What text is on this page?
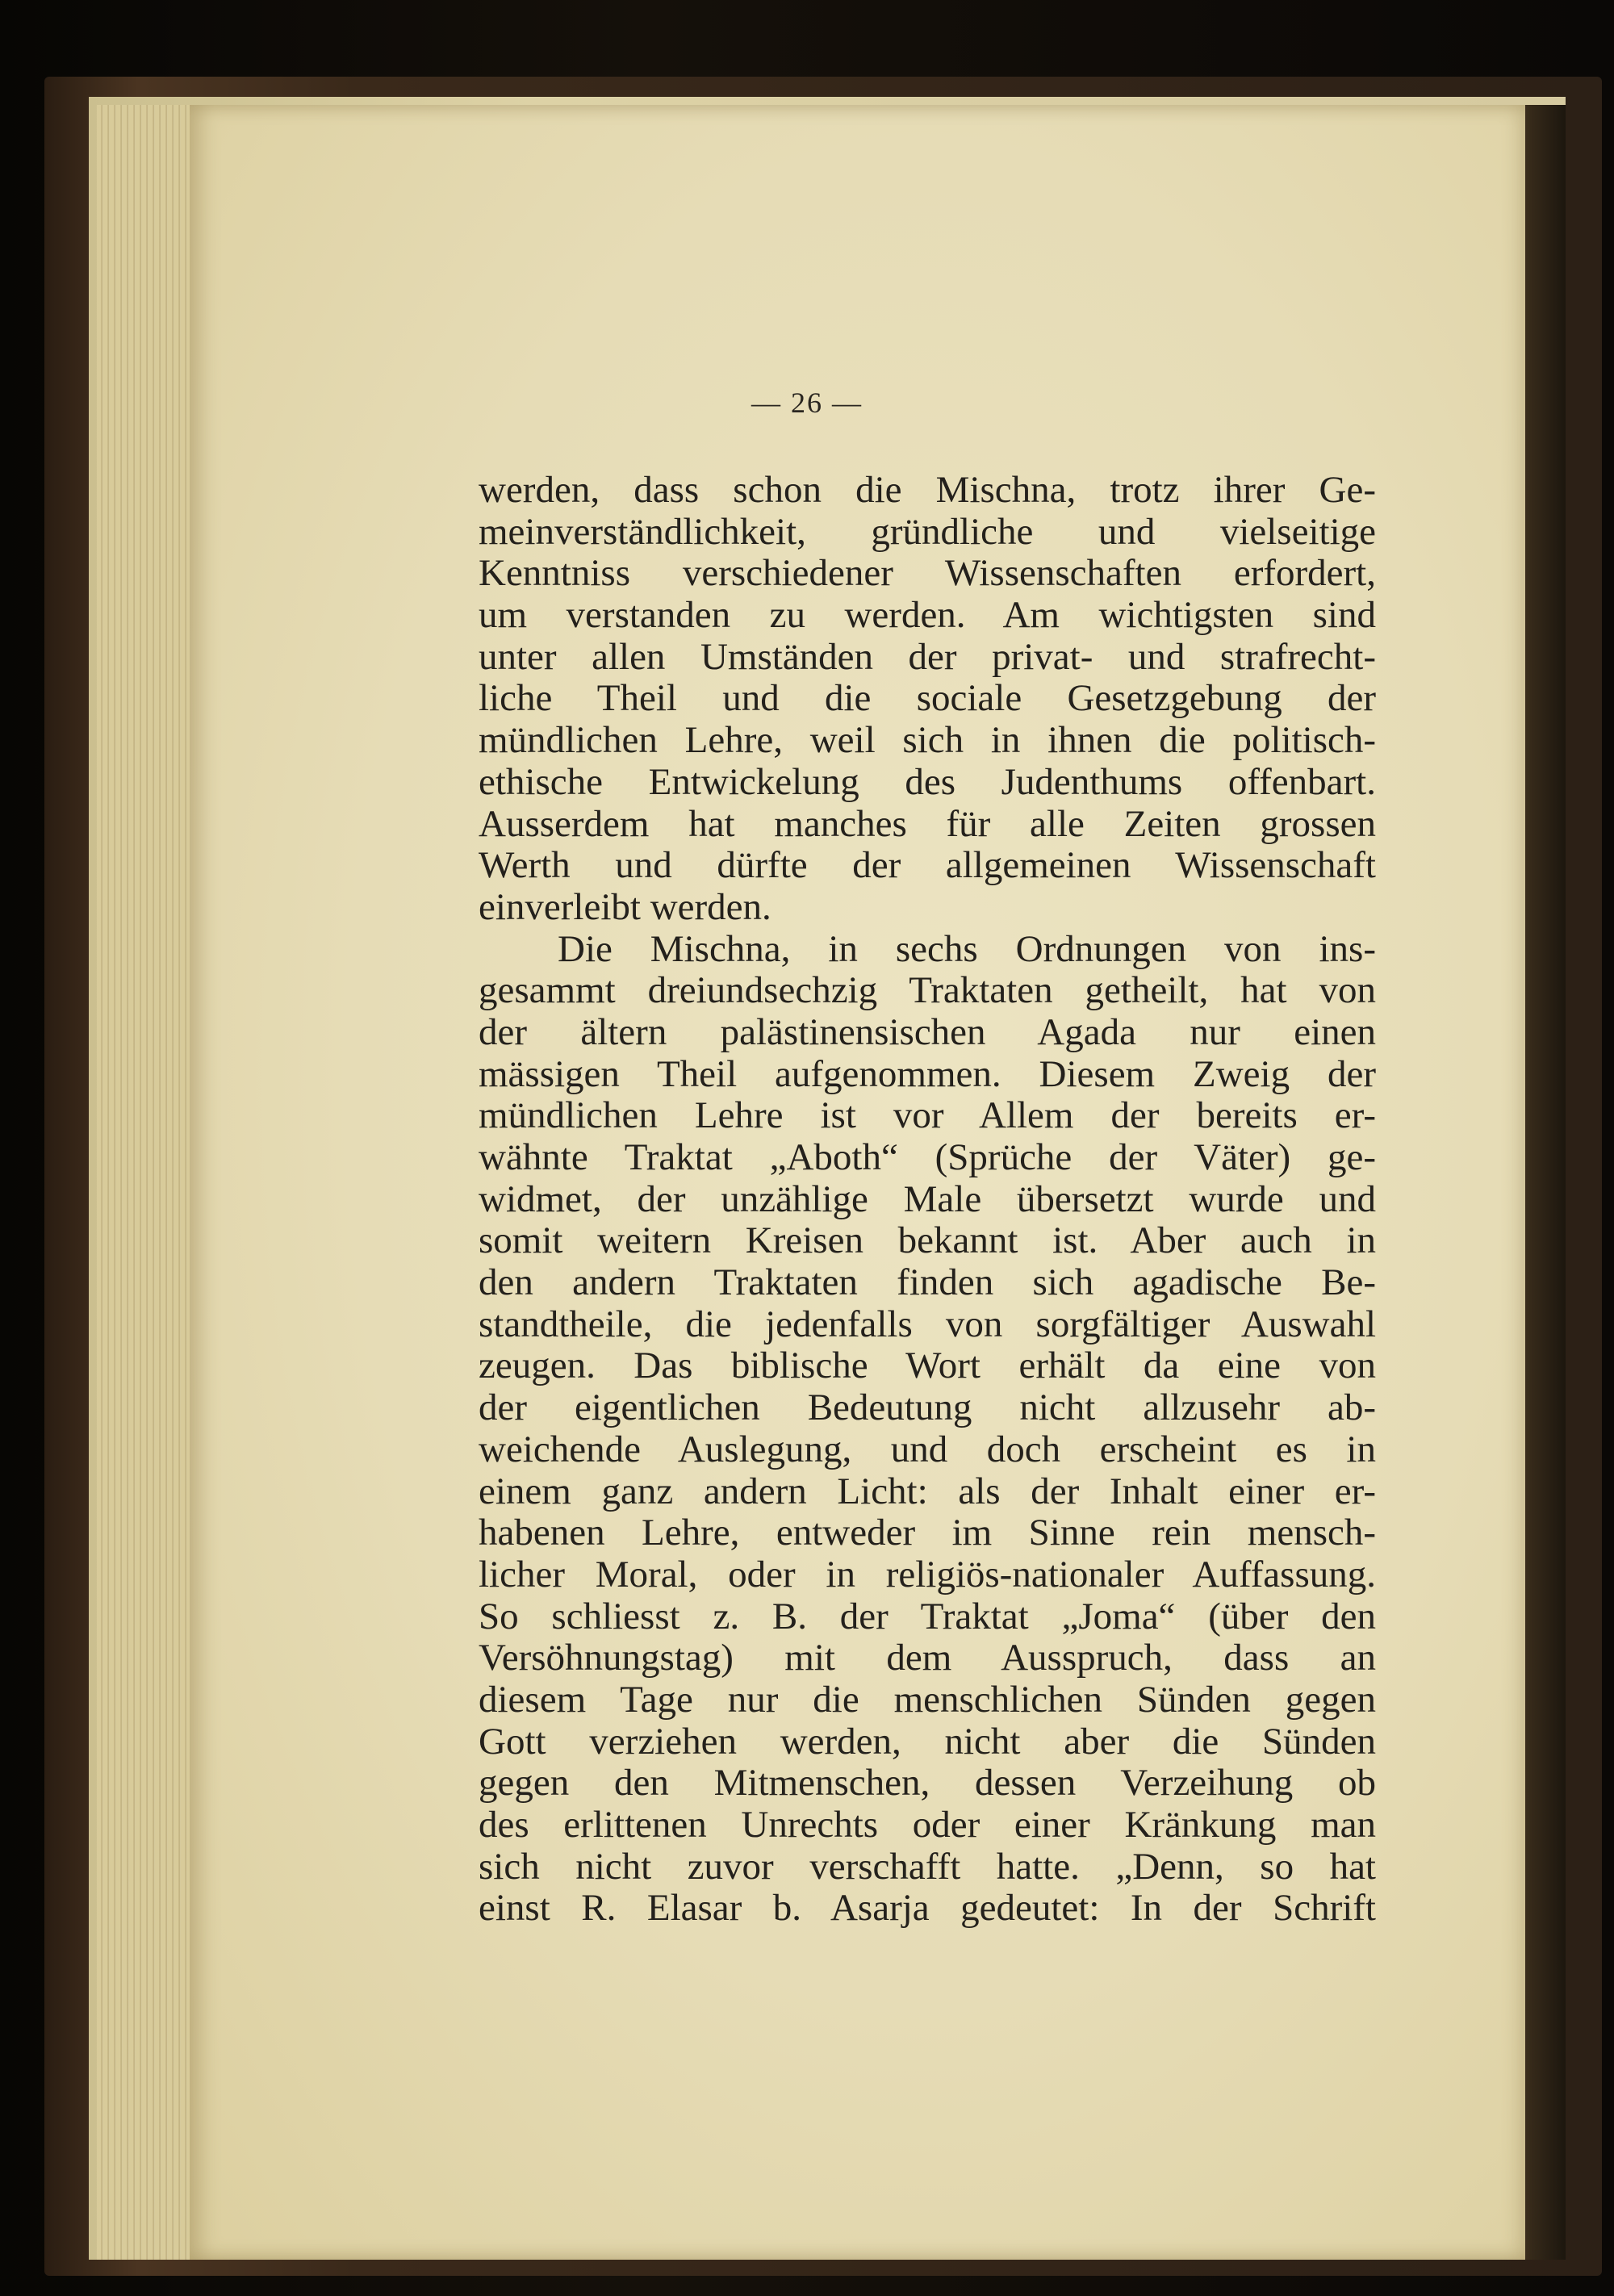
— 26 —
werden, dass schon die Mischna, trotz ihrer Ge-
meinverständlichkeit, gründliche und vielseitige
Kenntniss verschiedener Wissenschaften erfordert,
um verstanden zu werden. Am wichtigsten sind
unter allen Umständen der privat- und strafrecht-
liche Theil und die sociale Gesetzgebung der
mündlichen Lehre, weil sich in ihnen die politisch-
ethische Entwickelung des Judenthums offenbart.
Ausserdem hat manches für alle Zeiten grossen
Werth und dürfte der allgemeinen Wissenschaft
einverleibt werden.
Die Mischna, in sechs Ordnungen von ins-
gesammt dreiundsechzig Traktaten getheilt, hat von
der ältern palästinensischen Agada nur einen
mässigen Theil aufgenommen. Diesem Zweig der
mündlichen Lehre ist vor Allem der bereits er-
wähnte Traktat „Aboth“ (Sprüche der Väter) ge-
widmet, der unzählige Male übersetzt wurde und
somit weitern Kreisen bekannt ist. Aber auch in
den andern Traktaten finden sich agadische Be-
standtheile, die jedenfalls von sorgfältiger Auswahl
zeugen. Das biblische Wort erhält da eine von
der eigentlichen Bedeutung nicht allzusehr ab-
weichende Auslegung, und doch erscheint es in
einem ganz andern Licht: als der Inhalt einer er-
habenen Lehre, entweder im Sinne rein mensch-
licher Moral, oder in religiös-nationaler Auffassung.
So schliesst z. B. der Traktat „Joma“ (über den
Versöhnungstag) mit dem Ausspruch, dass an
diesem Tage nur die menschlichen Sünden gegen
Gott verziehen werden, nicht aber die Sünden
gegen den Mitmenschen, dessen Verzeihung ob
des erlittenen Unrechts oder einer Kränkung man
sich nicht zuvor verschafft hatte. „Denn, so hat
einst R. Elasar b. Asarja gedeutet: In der Schrift
